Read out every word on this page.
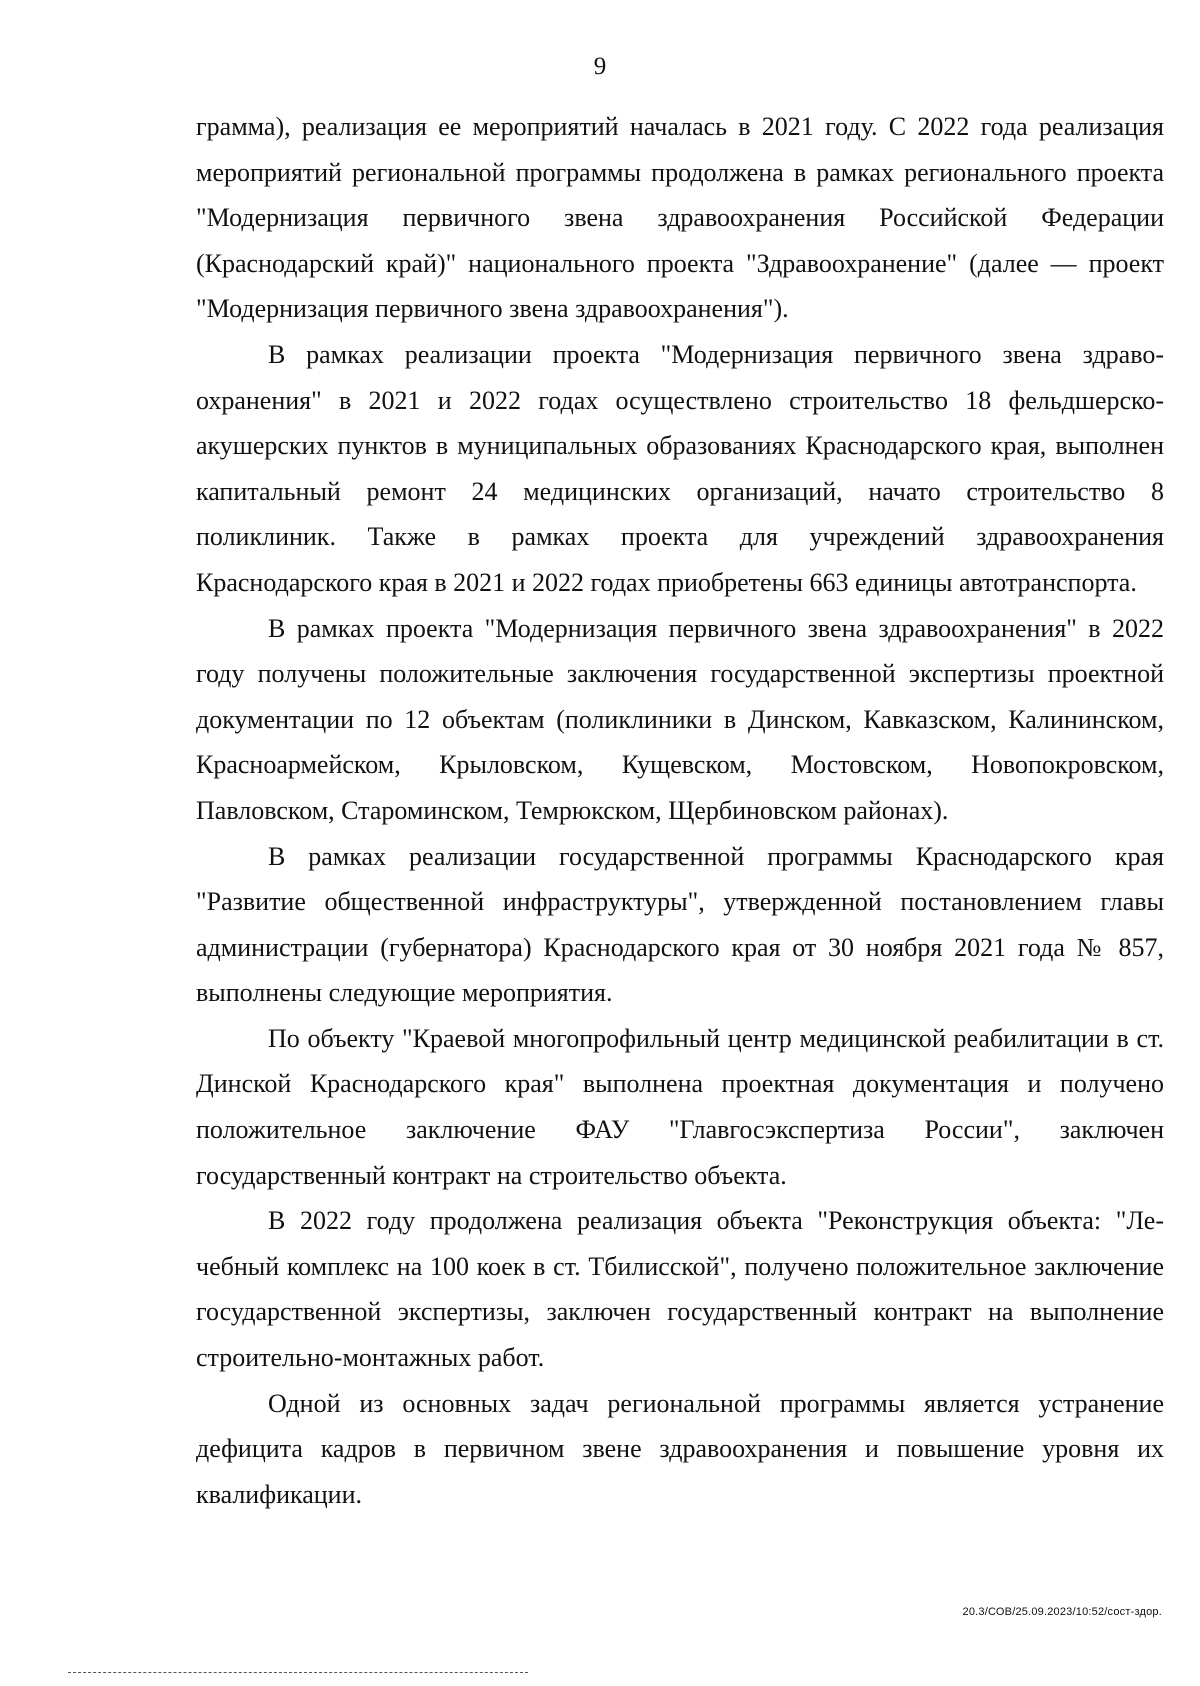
9

грамма), реализация ее мероприятий началась в 2021 году. С 2022 года реализация мероприятий региональной программы продолжена в рамках регионального проекта "Модернизация первичного звена здравоохранения Российской Федерации (Краснодарский край)" национального проекта "Здравоохранение" (далее — проект "Модернизация первичного звена здравоохранения").

В рамках реализации проекта "Модернизация первичного звена здравоохранения" в 2021 и 2022 годах осуществлено строительство 18 фельдшерско-акушерских пунктов в муниципальных образованиях Краснодарского края, выполнен капитальный ремонт 24 медицинских организаций, начато строительство 8 поликлиник. Также в рамках проекта для учреждений здравоохранения Краснодарского края в 2021 и 2022 годах приобретены 663 единицы автотранспорта.

В рамках проекта "Модернизация первичного звена здравоохранения" в 2022 году получены положительные заключения государственной экспертизы проектной документации по 12 объектам (поликлиники в Динском, Кавказском, Калининском, Красноармейском, Крыловском, Кущевском, Мостовском, Новопокровском, Павловском, Староминском, Темрюкском, Щербиновском районах).

В рамках реализации государственной программы Краснодарского края "Развитие общественной инфраструктуры", утвержденной постановлением главы администрации (губернатора) Краснодарского края от 30 ноября 2021 года № 857, выполнены следующие мероприятия.

По объекту "Краевой многопрофильный центр медицинской реабилитации в ст. Динской Краснодарского края" выполнена проектная документация и получено положительное заключение ФАУ "Главгосэкспертиза России", заключен государственный контракт на строительство объекта.

В 2022 году продолжена реализация объекта "Реконструкция объекта: "Лечебный комплекс на 100 коек в ст. Тбилисской", получено положительное заключение государственной экспертизы, заключен государственный контракт на выполнение строительно-монтажных работ.

Одной из основных задач региональной программы является устранение дефицита кадров в первичном звене здравоохранения и повышение уровня их квалификации.

20.3/СОВ/25.09.2023/10:52/сост-здор.
